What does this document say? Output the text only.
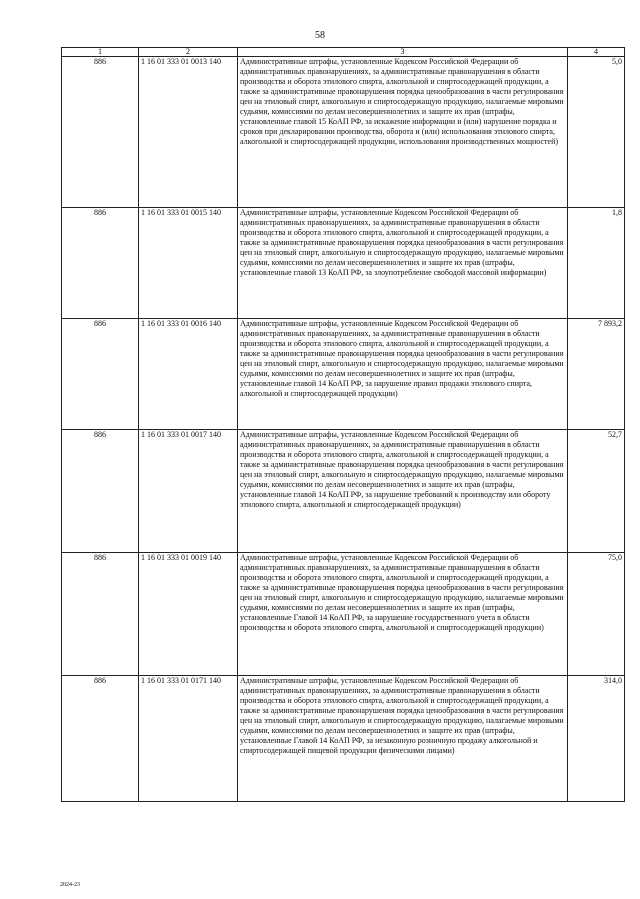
58
1	2	3	4
886	1 16 01 333 01 0013 140	Административные штрафы, установленные Кодексом Российской Федерации об административных правонарушениях, за административные правонарушения в области производства и оборота этилового спирта, алкогольной и спиртосодержащей продукции, а также за административные правонарушения порядка ценообразования в части регулирования цен на этиловый спирт, алкогольную и спиртосодержащую продукцию, налагаемые мировыми судьями, комиссиями по делам несовершеннолетних и защите их прав (штрафы, установленные главой 15 КоАП РФ, за искажение информации и (или) нарушение порядка и сроков при декларировании производства, оборота и (или) использования этилового спирта, алкогольной и спиртосодержащей продукции, использования производственных мощностей)	5,0
886	1 16 01 333 01 0015 140	Административные штрафы, установленные Кодексом Российской Федерации об административных правонарушениях, за административные правонарушения в области производства и оборота этилового спирта, алкогольной и спиртосодержащей продукции, а также за административные правонарушения порядка ценообразования в части регулирования цен на этиловый спирт, алкогольную и спиртосодержащую продукцию, налагаемые мировыми судьями, комиссиями по делам несовершеннолетних и защите их прав (штрафы, установленные главой 13 КоАП РФ, за злоупотребление свободой массовой информации)	1,8
886	1 16 01 333 01 0016 140	Административные штрафы, установленные Кодексом Российской Федерации об административных правонарушениях, за административные правонарушения в области производства и оборота этилового спирта, алкогольной и спиртосодержащей продукции, а также за административные правонарушения порядка ценообразования в части регулирования цен на этиловый спирт, алкогольную и спиртосодержащую продукцию, налагаемые мировыми судьями, комиссиями по делам несовершеннолетних и защите их прав (штрафы, установленные главой 14 КоАП РФ, за нарушение правил продажи этилового спирта, алкогольной и спиртосодержащей продукции)	7 893,2
886	1 16 01 333 01 0017 140	Административные штрафы, установленные Кодексом Российской Федерации об административных правонарушениях, за административные правонарушения в области производства и оборота этилового спирта, алкогольной и спиртосодержащей продукции, а также за административные правонарушения порядка ценообразования в части регулирования цен на этиловый спирт, алкогольную и спиртосодержащую продукцию, налагаемые мировыми судьями, комиссиями по делам несовершеннолетних и защите их прав (штрафы, установленные главой 14 КоАП РФ, за нарушение требований к производству или обороту этилового спирта, алкогольной и спиртосодержащей продукции)	52,7
886	1 16 01 333 01 0019 140	Административные штрафы, установленные Кодексом Российской Федерации об административных правонарушениях, за административные правонарушения в области производства и оборота этилового спирта, алкогольной и спиртосодержащей продукции, а также за административные правонарушения порядка ценообразования в части регулирования цен на этиловый спирт, алкогольную и спиртосодержащую продукцию, налагаемые мировыми судьями, комиссиями по делам несовершеннолетних и защите их прав (штрафы, установленные Главой 14 КоАП РФ, за нарушение государственного учета в области производства и оборота этилового спирта, алкогольной и спиртосодержащей продукции)	75,0
886	1 16 01 333 01 0171 140	Административные штрафы, установленные Кодексом Российской Федерации об административных правонарушениях, за административные правонарушения в области производства и оборота этилового спирта, алкогольной и спиртосодержащей продукции, а также за административные правонарушения порядка ценообразования в части регулирования цен на этиловый спирт, алкогольную и спиртосодержащую продукцию, налагаемые мировыми судьями, комиссиями по делам несовершеннолетних и защите их прав (штрафы, установленные Главой 14 КоАП РФ, за незаконную розничную продажу алкогольной и спиртосодержащей пищевой продукции физическими лицами)	314,0
2024-23
